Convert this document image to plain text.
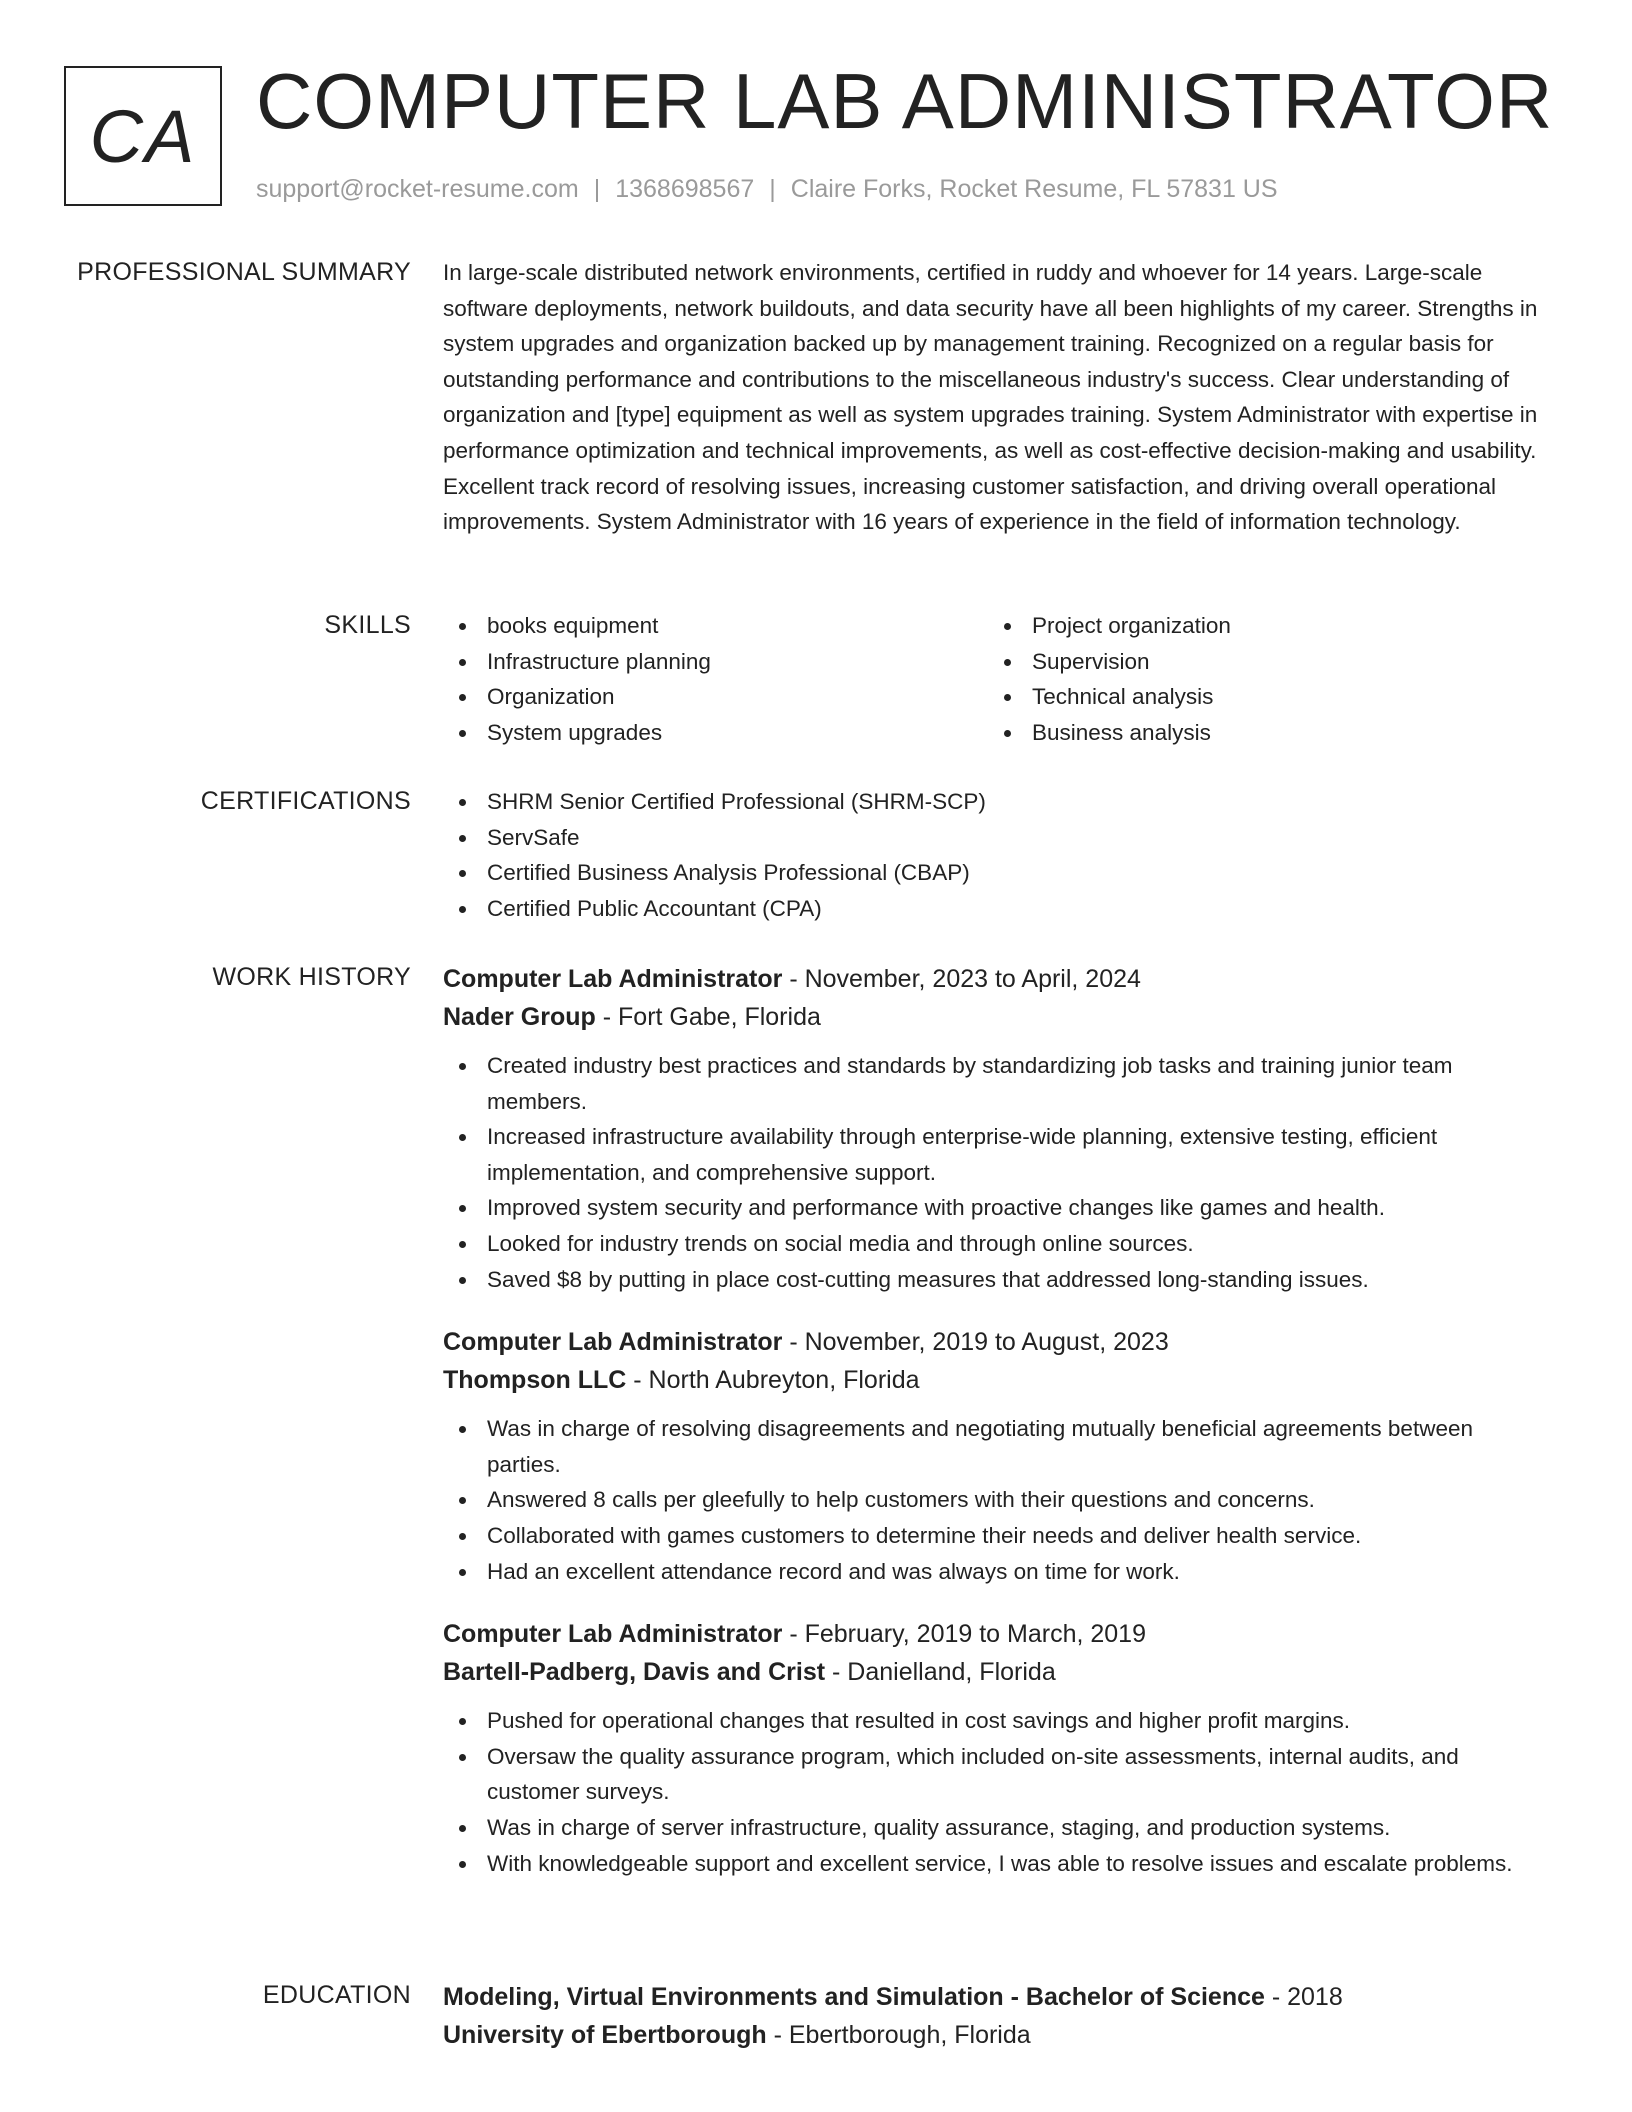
CA COMPUTER LAB ADMINISTRATOR
support@rocket-resume.com | 1368698567 | Claire Forks, Rocket Resume, FL 57831 US
PROFESSIONAL SUMMARY In large-scale distributed network environments, certified in ruddy and whoever for 14 years. Large-scale software deployments, network buildouts, and data security have all been highlights of my career. Strengths in system upgrades and organization backed up by management training. Recognized on a regular basis for outstanding performance and contributions to the miscellaneous industry's success. Clear understanding of organization and [type] equipment as well as system upgrades training. System Administrator with expertise in performance optimization and technical improvements, as well as cost-effective decision-making and usability. Excellent track record of resolving issues, increasing customer satisfaction, and driving overall operational improvements. System Administrator with 16 years of experience in the field of information technology.

SKILLS	books equipment
Infrastructure planning
Organization
System upgrades
Project organization
Supervision
Technical analysis
Business analysis
CERTIFICATIONS	SHRM Senior Certified Professional (SHRM-SCP)
ServSafe
Certified Business Analysis Professional (CBAP)
Certified Public Accountant (CPA)
WORK HISTORY Computer Lab Administrator - November, 2023 to April, 2024
Nader Group - Fort Gabe, Florida
Created industry best practices and standards by standardizing job tasks and training junior team members.
Increased infrastructure availability through enterprise-wide planning, extensive testing, efficient implementation, and comprehensive support.
Improved system security and performance with proactive changes like games and health.
Looked for industry trends on social media and through online sources.
Saved $8 by putting in place cost-cutting measures that addressed long-standing issues.
Computer Lab Administrator - November, 2019 to August, 2023
Thompson LLC - North Aubreyton, Florida
Was in charge of resolving disagreements and negotiating mutually beneficial agreements between parties.
Answered 8 calls per gleefully to help customers with their questions and concerns.
Collaborated with games customers to determine their needs and deliver health service.
Had an excellent attendance record and was always on time for work.
Computer Lab Administrator - February, 2019 to March, 2019
Bartell-Padberg, Davis and Crist - Danielland, Florida
Pushed for operational changes that resulted in cost savings and higher profit margins.
Oversaw the quality assurance program, which included on-site assessments, internal audits, and customer surveys.
Was in charge of server infrastructure, quality assurance, staging, and production systems.
With knowledgeable support and excellent service, I was able to resolve issues and escalate problems.
EDUCATION Modeling, Virtual Environments and Simulation - Bachelor of Science - 2018
University of Ebertborough - Ebertborough, Florida
